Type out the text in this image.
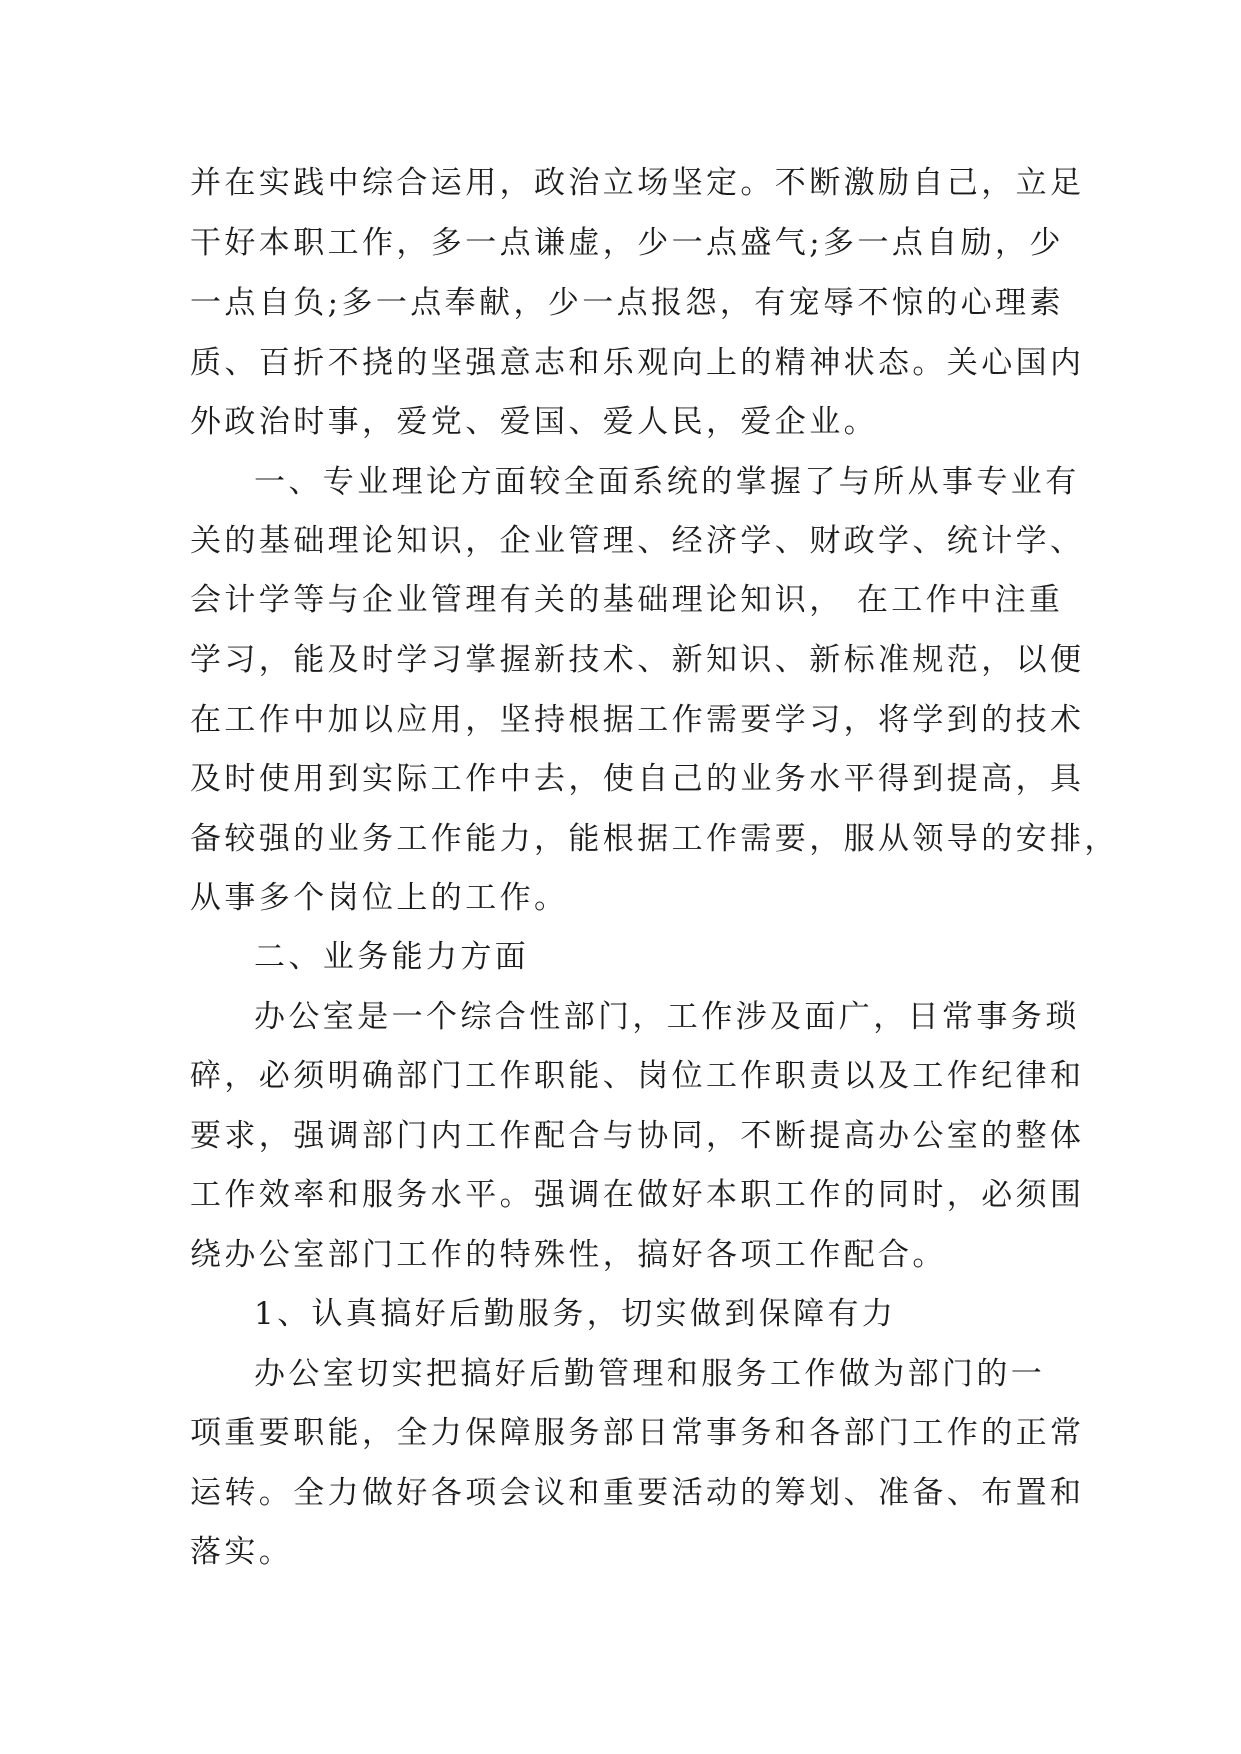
并在实践中综合运用，政治立场坚定。不断激励自己，立足
干好本职工作，多一点谦虚，少一点盛气;多一点自励，少
一点自负;多一点奉献，少一点报怨，有宠辱不惊的心理素
质、百折不挠的坚强意志和乐观向上的精神状态。关心国内
外政治时事，爱党、爱国、爱人民，爱企业。
一、专业理论方面较全面系统的掌握了与所从事专业有
关的基础理论知识，企业管理、经济学、财政学、统计学、
会计学等与企业管理有关的基础理论知识， 在工作中注重
学习，能及时学习掌握新技术、新知识、新标准规范，以便
在工作中加以应用，坚持根据工作需要学习，将学到的技术
及时使用到实际工作中去，使自己的业务水平得到提高，具
备较强的业务工作能力，能根据工作需要，服从领导的安排，
从事多个岗位上的工作。
二、业务能力方面
办公室是一个综合性部门，工作涉及面广，日常事务琐
碎，必须明确部门工作职能、岗位工作职责以及工作纪律和
要求，强调部门内工作配合与协同，不断提高办公室的整体
工作效率和服务水平。强调在做好本职工作的同时，必须围
绕办公室部门工作的特殊性，搞好各项工作配合。
1、认真搞好后勤服务，切实做到保障有力
办公室切实把搞好后勤管理和服务工作做为部门的一
项重要职能，全力保障服务部日常事务和各部门工作的正常
运转。全力做好各项会议和重要活动的筹划、准备、布置和
落实。
